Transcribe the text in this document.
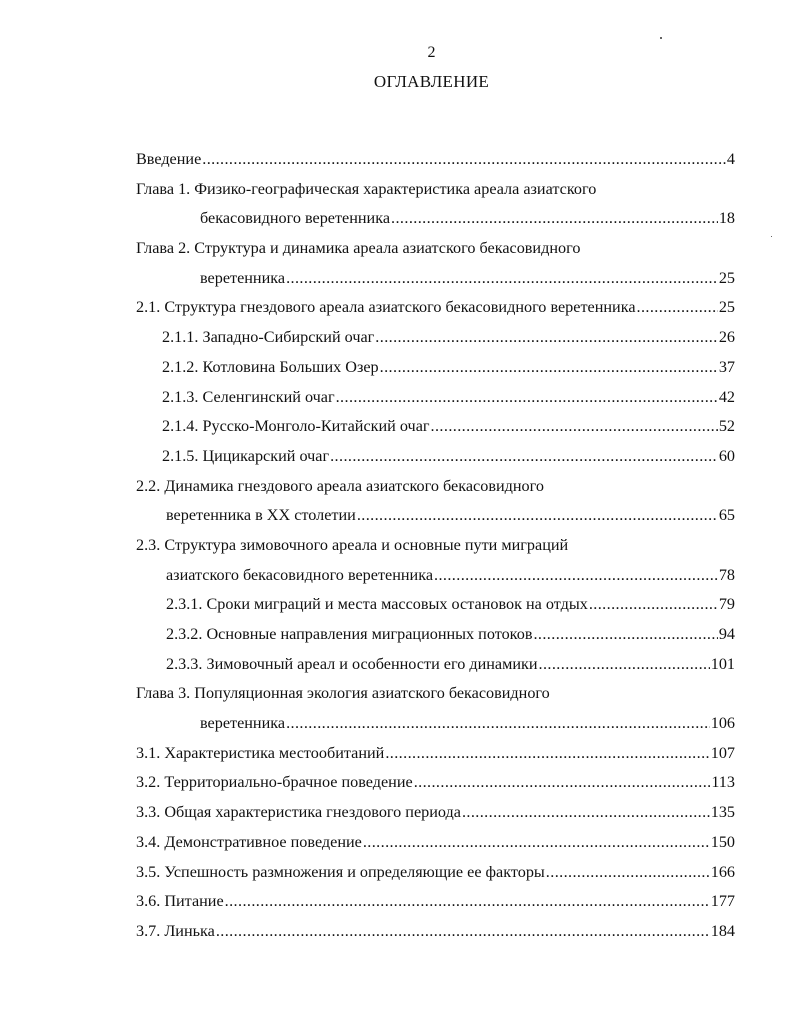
2
ОГЛАВЛЕНИЕ
Введение .....	4
Глава 1. Физико-географическая характеристика ареала азиатского
бекасовидного веретенника .....	18
Глава 2. Структура и динамика ареала азиатского бекасовидного
веретенника .....	25
2.1. Структура гнездового ареала азиатского бекасовидного веретенника .....	25
2.1.1. Западно-Сибирский очаг .....	26
2.1.2. Котловина Больших Озер .....	37
2.1.3. Селенгинский очаг .....	42
2.1.4. Русско-Монголо-Китайский очаг .....	52
2.1.5. Цицикарский очаг .....	60
2.2. Динамика гнездового ареала азиатского бекасовидного
веретенника в XX столетии .....	65
2.3. Структура зимовочного ареала и основные пути миграций
азиатского бекасовидного веретенника .....	78
2.3.1. Сроки миграций и места массовых остановок на отдых .....	79
2.3.2. Основные направления миграционных потоков .....	94
2.3.3. Зимовочный ареал и особенности его динамики .....	101
Глава 3. Популяционная экология азиатского бекасовидного
веретенника .....	106
3.1. Характеристика местообитаний .....	107
3.2. Территориально-брачное поведение .....	113
3.3. Общая характеристика гнездового периода .....	135
3.4. Демонстративное поведение .....	150
3.5. Успешность размножения и определяющие ее факторы .....	166
3.6. Питание .....	177
3.7. Линька .....	184
